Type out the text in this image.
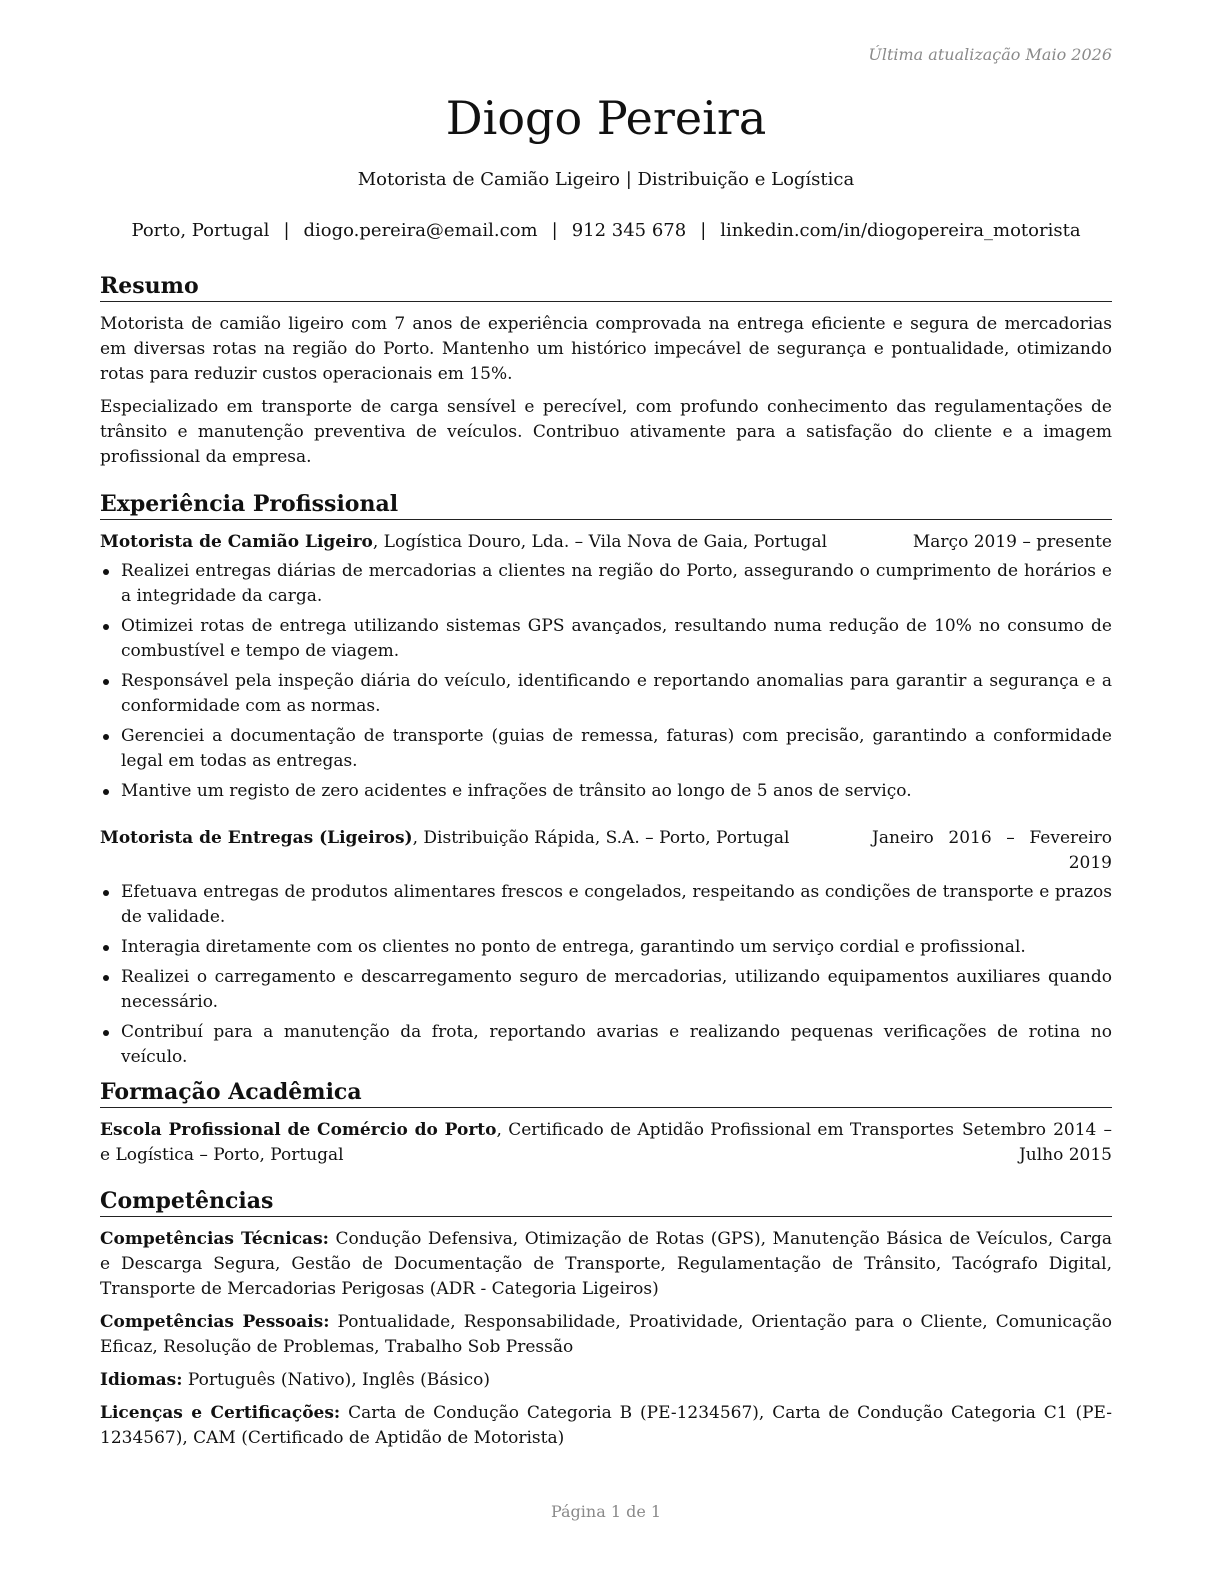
Última atualização Maio 2026
Diogo Pereira
Motorista de Camião Ligeiro | Distribuição e Logística
Porto, Portugal | diogo.pereira@email.com | 912 345 678 | linkedin.com/in/diogopereira_motorista
Resumo

Motorista de camião ligeiro com 7 anos de experiência comprovada na entrega eficiente e segura de mercadorias em diversas rotas na região do Porto. Mantenho um histórico impecável de segurança e pontualidade, otimizando rotas para reduzir custos operacionais em 15%.

Especializado em transporte de carga sensível e perecível, com profundo conhecimento das regulamentações de trânsito e manutenção preventiva de veículos. Contribuo ativamente para a satisfação do cliente e a imagem profissional da empresa.

Experiência Profissional
Motorista de Camião Ligeiro, Logística Douro, Lda. – Vila Nova de Gaia, Portugal	Março 2019 – presente
Realizei entregas diárias de mercadorias a clientes na região do Porto, assegurando o cumprimento de horários e a integridade da carga.
Otimizei rotas de entrega utilizando sistemas GPS avançados, resultando numa redução de 10% no consumo de combustível e tempo de viagem.
Responsável pela inspeção diária do veículo, identificando e reportando anomalias para garantir a segurança e a conformidade com as normas.
Gerenciei a documentação de transporte (guias de remessa, faturas) com precisão, garantindo a conformidade legal em todas as entregas.
Mantive um registo de zero acidentes e infrações de trânsito ao longo de 5 anos de serviço.
Motorista de Entregas (Ligeiros), Distribuição Rápida, S.A. – Porto, Portugal	Janeiro 2016 – Fevereiro 2019
Efetuava entregas de produtos alimentares frescos e congelados, respeitando as condições de transporte e prazos de validade.
Interagia diretamente com os clientes no ponto de entrega, garantindo um serviço cordial e profissional.
Realizei o carregamento e descarregamento seguro de mercadorias, utilizando equipamentos auxiliares quando necessário.
Contribuí para a manutenção da frota, reportando avarias e realizando pequenas verificações de rotina no veículo.
Formação Acadêmica
Escola Profissional de Comércio do Porto, Certificado de Aptidão Profissional em Transportes e Logística – Porto, Portugal
Setembro 2014 – Julho 2015
Competências

Competências Técnicas: Condução Defensiva, Otimização de Rotas (GPS), Manutenção Básica de Veículos, Carga e Descarga Segura, Gestão de Documentação de Transporte, Regulamentação de Trânsito, Tacógrafo Digital, Transporte de Mercadorias Perigosas (ADR - Categoria Ligeiros)

Competências Pessoais: Pontualidade, Responsabilidade, Proatividade, Orientação para o Cliente, Comunicação Eficaz, Resolução de Problemas, Trabalho Sob Pressão

Idiomas: Português (Nativo), Inglês (Básico)

Licenças e Certificações: Carta de Condução Categoria B (PE-1234567), Carta de Condução Categoria C1 (PE-1234567), CAM (Certificado de Aptidão de Motorista)

Página 1 de 1
